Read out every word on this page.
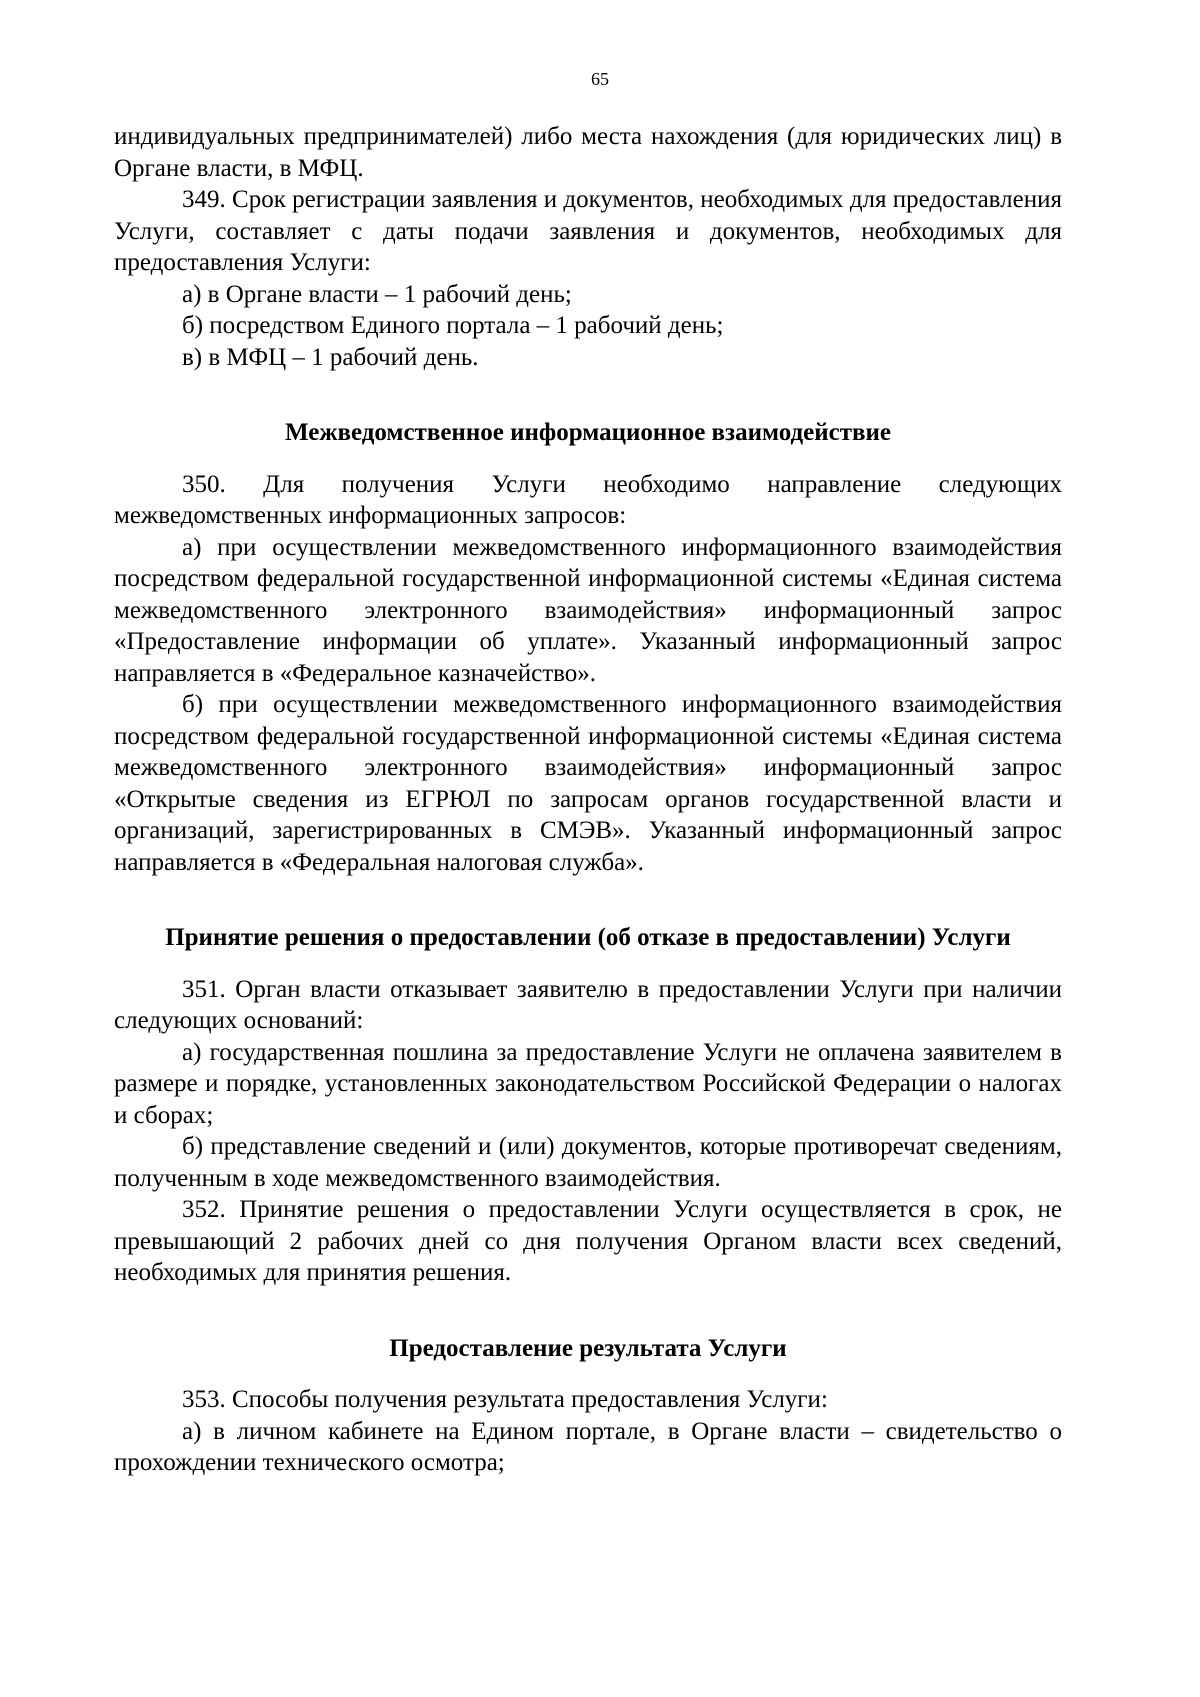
65

индивидуальных предпринимателей) либо места нахождения (для юридических лиц) в Органе власти, в МФЦ.

349. Срок регистрации заявления и документов, необходимых для предоставления Услуги, составляет с даты подачи заявления и документов, необходимых для предоставления Услуги:

а) в Органе власти – 1 рабочий день;

б) посредством Единого портала – 1 рабочий день;

в) в МФЦ – 1 рабочий день.

Межведомственное информационное взаимодействие

350. Для получения Услуги необходимо направление следующих межведомственных информационных запросов:

а) при осуществлении межведомственного информационного взаимодействия посредством федеральной государственной информационной системы «Единая система межведомственного электронного взаимодействия» информационный запрос «Предоставление информации об уплате». Указанный информационный запрос направляется в «Федеральное казначейство».

б) при осуществлении межведомственного информационного взаимодействия посредством федеральной государственной информационной системы «Единая система межведомственного электронного взаимодействия» информационный запрос «Открытые сведения из ЕГРЮЛ по запросам органов государственной власти и организаций, зарегистрированных в СМЭВ». Указанный информационный запрос направляется в «Федеральная налоговая служба».

Принятие решения о предоставлении (об отказе в предоставлении) Услуги

351. Орган власти отказывает заявителю в предоставлении Услуги при наличии следующих оснований:

а) государственная пошлина за предоставление Услуги не оплачена заявителем в размере и порядке, установленных законодательством Российской Федерации о налогах и сборах;

б) представление сведений и (или) документов, которые противоречат сведениям, полученным в ходе межведомственного взаимодействия.

352. Принятие решения о предоставлении Услуги осуществляется в срок, не превышающий 2 рабочих дней со дня получения Органом власти всех сведений, необходимых для принятия решения.

Предоставление результата Услуги

353. Способы получения результата предоставления Услуги:

а) в личном кабинете на Едином портале, в Органе власти – свидетельство о прохождении технического осмотра;
